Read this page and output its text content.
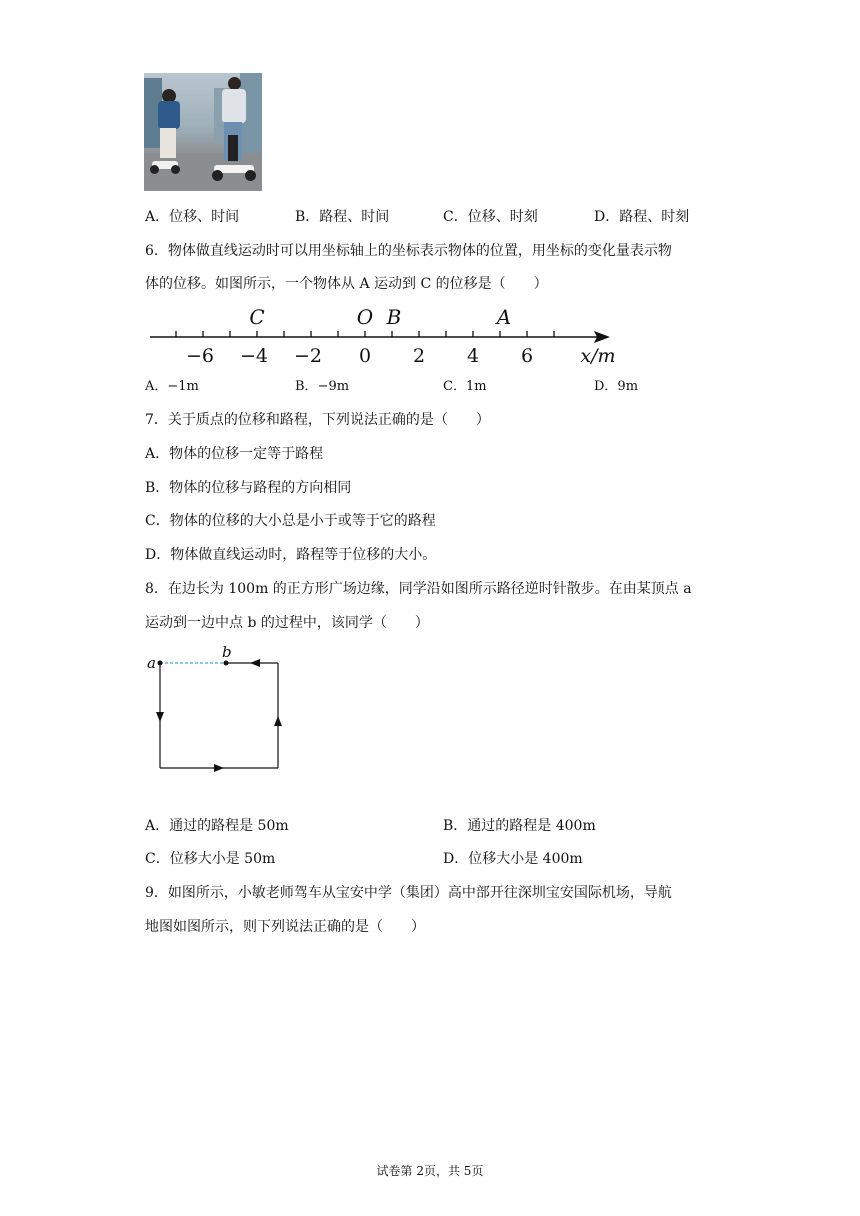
A．位移、时间	B．路程、时间	C．位移、时刻	D．路程、时刻
6．物体做直线运动时可以用坐标轴上的坐标表示物体的位置，用坐标的变化量表示物
体的位移。如图所示，一个物体从 A 运动到 C 的位移是（　　）
C	O B	A
−6 −4 −2 0 2 4 6 x/m
A．−1m	B．−9m	C．1m	D．9m
7．关于质点的位移和路程，下列说法正确的是（　　）
A．物体的位移一定等于路程
B．物体的位移与路程的方向相同
C．物体的位移的大小总是小于或等于它的路程
D．物体做直线运动时，路程等于位移的大小。
8．在边长为 100m 的正方形广场边缘，同学沿如图所示路径逆时针散步。在由某顶点 a
运动到一边中点 b 的过程中，该同学（　　）
a
b
A．通过的路程是 50m	B．通过的路程是 400m
C．位移大小是 50m	D．位移大小是 400m
9．如图所示，小敏老师驾车从宝安中学（集团）高中部开往深圳宝安国际机场，导航
地图如图所示，则下列说法正确的是（　　）
试卷第 2页，共 5页
